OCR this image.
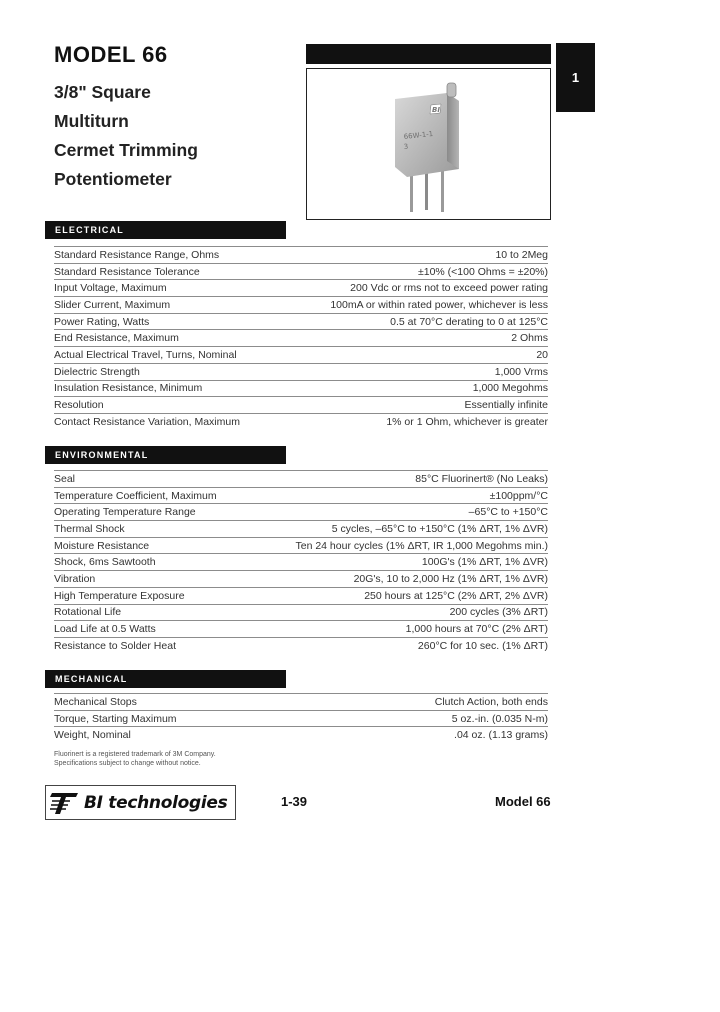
MODEL 66
3/8" Square
Multiturn
Cermet Trimming
Potentiometer
1
BI
66W-1-1
3
ELECTRICAL
Standard Resistance Range, Ohms	10 to 2Meg
Standard Resistance Tolerance	±10% (<100 Ohms = ±20%)
Input Voltage, Maximum	200 Vdc or rms not to exceed power rating
Slider Current, Maximum	100mA or within rated power, whichever is less
Power Rating, Watts	0.5 at 70°C derating to 0 at 125°C
End Resistance, Maximum	2 Ohms
Actual Electrical Travel, Turns, Nominal	20
Dielectric Strength	1,000 Vrms
Insulation Resistance, Minimum	1,000 Megohms
Resolution	Essentially infinite
Contact Resistance Variation, Maximum	1% or 1 Ohm, whichever is greater
ENVIRONMENTAL
Seal	85°C Fluorinert® (No Leaks)
Temperature Coefficient, Maximum	±100ppm/°C
Operating Temperature Range	–65°C to +150°C
Thermal Shock	5 cycles, –65°C to +150°C (1% ΔRT, 1% ΔVR)
Moisture Resistance	Ten 24 hour cycles (1% ΔRT, IR 1,000 Megohms min.)
Shock, 6ms Sawtooth	100G's (1% ΔRT, 1% ΔVR)
Vibration	20G's, 10 to 2,000 Hz (1% ΔRT, 1% ΔVR)
High Temperature Exposure	250 hours at 125°C (2% ΔRT, 2% ΔVR)
Rotational Life	200 cycles (3% ΔRT)
Load Life at 0.5 Watts	1,000 hours at 70°C (2% ΔRT)
Resistance to Solder Heat	260°C for 10 sec. (1% ΔRT)
MECHANICAL
Mechanical Stops	Clutch Action, both ends
Torque, Starting Maximum	5 oz.-in. (0.035 N-m)
Weight, Nominal	.04 oz. (1.13 grams)
Fluorinert is a registered trademark of 3M Company.
Specifications subject to change without notice.
BI technologies	1-39	Model 66
